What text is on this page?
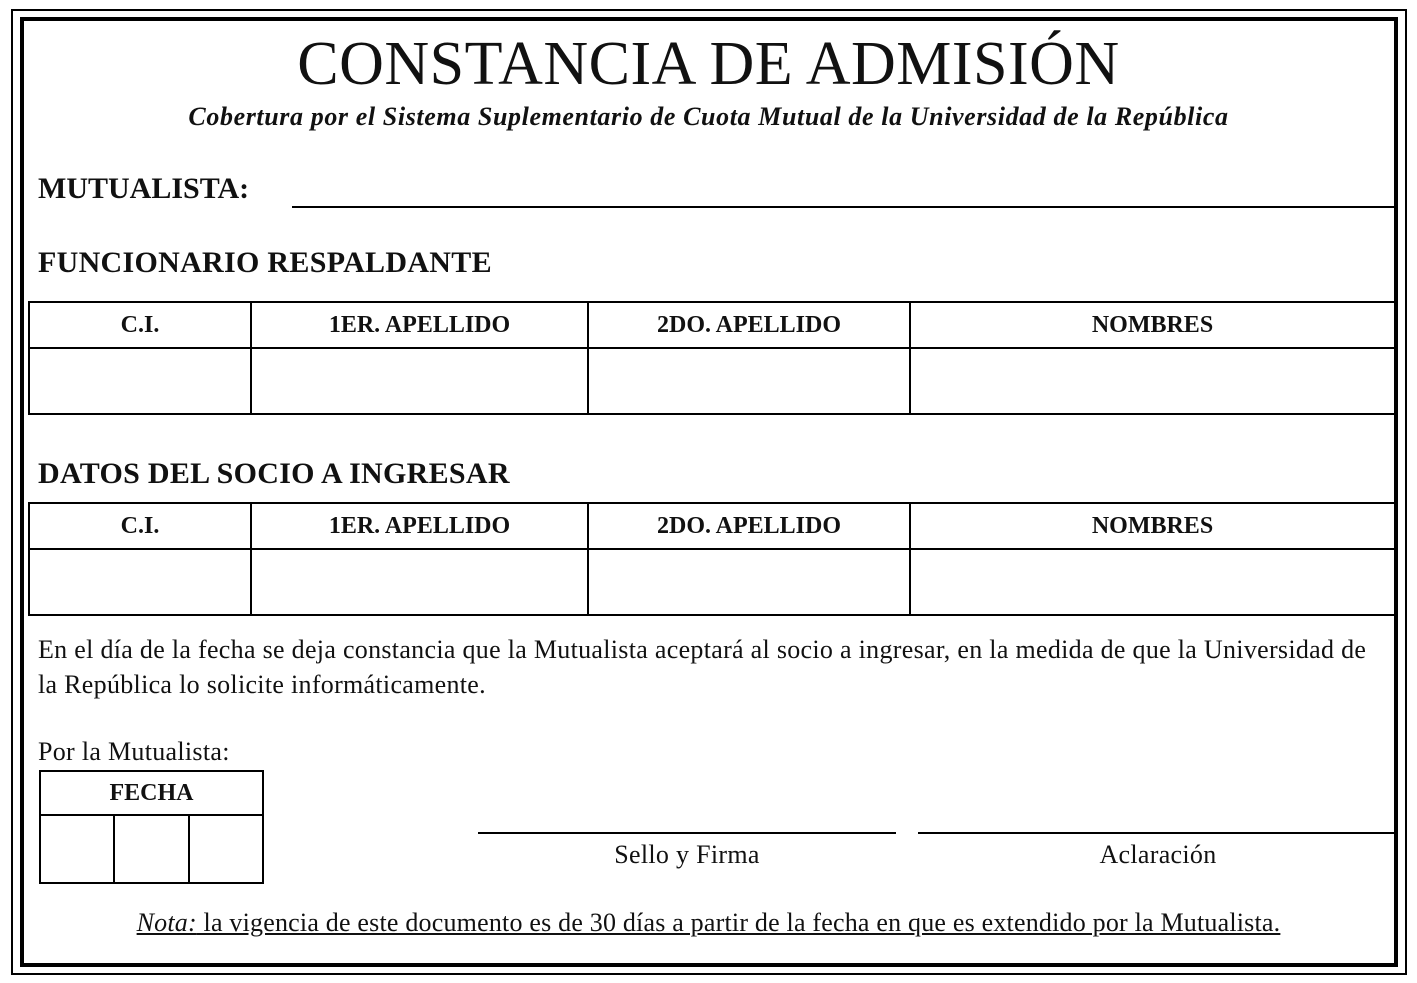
CONSTANCIA DE ADMISIÓN
Cobertura por el Sistema Suplementario de Cuota Mutual de la Universidad de la República
MUTUALISTA:
FUNCIONARIO RESPALDANTE
C.I.	1ER. APELLIDO	2DO. APELLIDO	NOMBRES

DATOS DEL SOCIO A INGRESAR
C.I.	1ER. APELLIDO	2DO. APELLIDO	NOMBRES

En el día de la fecha se deja constancia que la Mutualista aceptará al socio a ingresar, en la medida de que la Universidad de la República lo solicite informáticamente.
Por la Mutualista:
FECHA

Sello y Firma	Aclaración
Nota: la vigencia de este documento es de 30 días a partir de la fecha en que es extendido por la Mutualista.
